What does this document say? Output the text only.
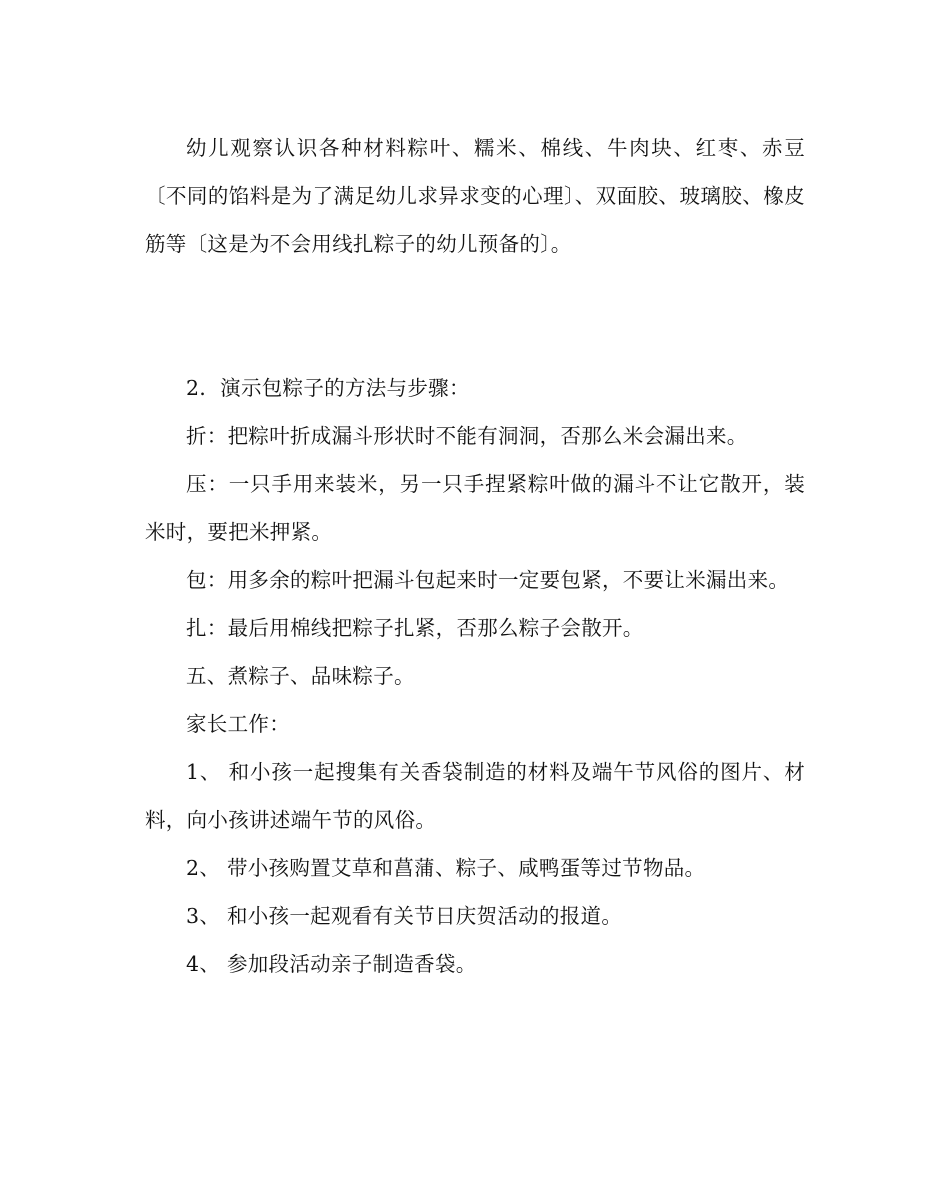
幼儿观察认识各种材料粽叶、糯米、棉线、牛肉块、红枣、赤豆〔不同的馅料是为了满足幼儿求异求变的心理〕、双面胶、玻璃胶、橡皮筋等〔这是为不会用线扎粽子的幼儿预备的〕。

2．演示包粽子的方法与步骤：

折：把粽叶折成漏斗形状时不能有洞洞，否那么米会漏出来。

压：一只手用来装米，另一只手捏紧粽叶做的漏斗不让它散开，装米时，要把米押紧。

包：用多余的粽叶把漏斗包起来时一定要包紧，不要让米漏出来。

扎：最后用棉线把粽子扎紧，否那么粽子会散开。

五、煮粽子、品味粽子。

家长工作：

1、 和小孩一起搜集有关香袋制造的材料及端午节风俗的图片、材料，向小孩讲述端午节的风俗。

2、 带小孩购置艾草和菖蒲、粽子、咸鸭蛋等过节物品。

3、 和小孩一起观看有关节日庆贺活动的报道。

4、 参加段活动亲子制造香袋。
